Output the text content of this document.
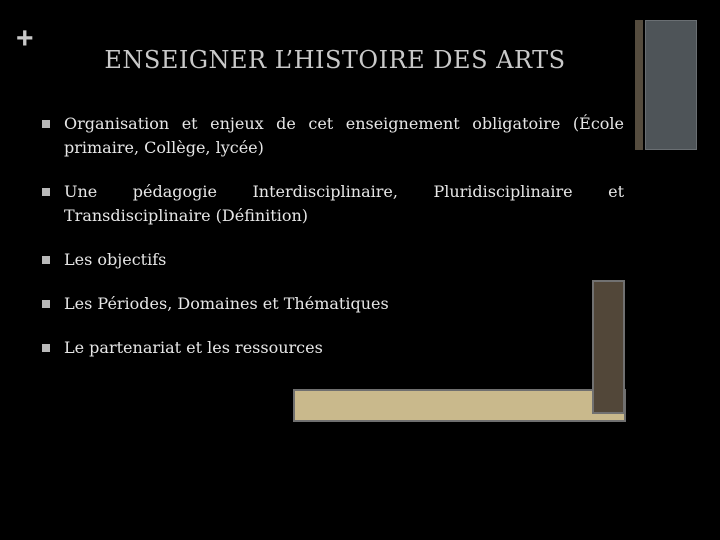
+
ENSEIGNER L’HISTOIRE DES ARTS
Organisation et enjeux de cet enseignement obligatoire (École primaire, Collège, lycée)
Une pédagogie Interdisciplinaire, Pluridisciplinaire et Transdisciplinaire (Définition)
Les objectifs
Les Périodes, Domaines et Thématiques
Le partenariat et les ressources
